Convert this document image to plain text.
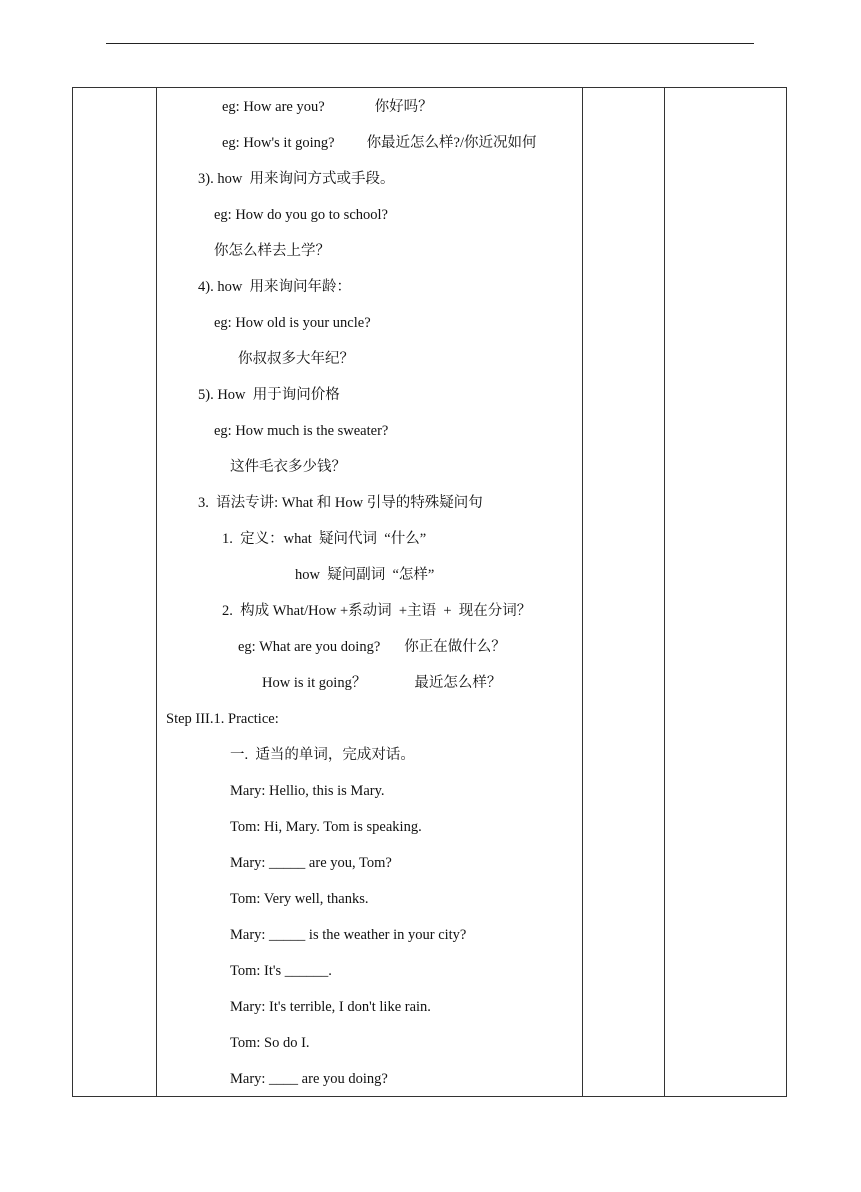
eg: How are you?	你好吗？
eg: How's it going? 你最近怎么样?/你近况如何
3). how  用来询问方式或手段。
eg: How do you go to school?
你怎么样去上学？
4). how  用来询问年龄：
eg: How old is your uncle?
你叔叔多大年纪？
5). How  用于询问价格
eg: How much is the sweater?
这件毛衣多少钱？
3.  语法专讲: What 和 How 引导的特殊疑问句
1.  定义：what  疑问代词  “什么”
how  疑问副词  “怎样”
2.  构成 What/How +系动词  +主语  +  现在分词？
eg: What are you doing? 你正在做什么？
How is it going？	最近怎么样？
Step III.1. Practice:
一.  适当的单词，完成对话。
Mary: Hellio, this is Mary.
Tom: Hi, Mary. Tom is speaking.
Mary: _____ are you, Tom?
Tom: Very well, thanks.
Mary: _____ is the weather in your city?
Tom: It's ______.
Mary: It's terrible, I don't like rain.
Tom: So do I.
Mary: ____ are you doing?
